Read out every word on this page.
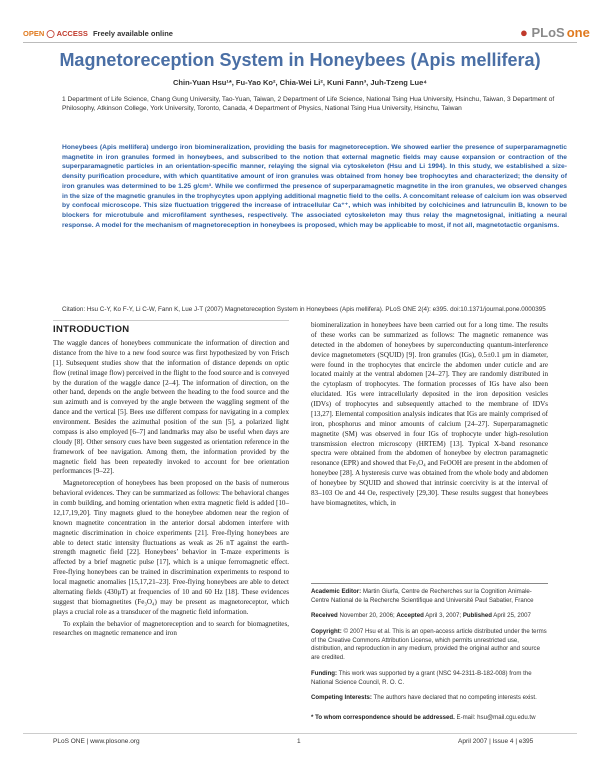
OPEN ◯ ACCESS Freely available online	● PLoS one
Magnetoreception System in Honeybees (Apis mellifera)
Chin-Yuan Hsu¹*, Fu-Yao Ko², Chia-Wei Li², Kuni Fann³, Juh-Tzeng Lue⁴
1 Department of Life Science, Chang Gung University, Tao-Yuan, Taiwan, 2 Department of Life Science, National Tsing Hua University, Hsinchu, Taiwan, 3 Department of Philosophy, Atkinson College, York University, Toronto, Canada, 4 Department of Physics, National Tsing Hua University, Hsinchu, Taiwan
Honeybees (Apis mellifera) undergo iron biomineralization, providing the basis for magnetoreception. We showed earlier the presence of superparamagnetic magnetite in iron granules formed in honeybees, and subscribed to the notion that external magnetic fields may cause expansion or contraction of the superparamagnetic particles in an orientation-specific manner, relaying the signal via cytoskeleton (Hsu and Li 1994). In this study, we established a size-density purification procedure, with which quantitative amount of iron granules was obtained from honey bee trophocytes and characterized; the density of iron granules was determined to be 1.25 g/cm³. While we confirmed the presence of superparamagnetic magnetite in the iron granules, we observed changes in the size of the magnetic granules in the trophycytes upon applying additional magnetic field to the cells. A concomitant release of calcium ion was observed by confocal microscope. This size fluctuation triggered the increase of intracellular Ca⁺⁺, which was inhibited by colchicines and latrunculin B, known to be blockers for microtubule and microfilament syntheses, respectively. The associated cytoskeleton may thus relay the magnetosignal, initiating a neural response. A model for the mechanism of magnetoreception in honeybees is proposed, which may be applicable to most, if not all, magnetotactic organisms.
Citation: Hsu C-Y, Ko F-Y, Li C-W, Fann K, Lue J-T (2007) Magnetoreception System in Honeybees (Apis mellifera). PLoS ONE 2(4): e395. doi:10.1371/journal.pone.0000395
INTRODUCTION

The waggle dances of honeybees communicate the information of direction and distance from the hive to a new food source was first hypothesized by von Frisch [1]. Subsequent studies show that the information of distance depends on optic flow (retinal image flow) perceived in the flight to the food source and is conveyed by the duration of the waggle dance [2–4]. The information of direction, on the other hand, depends on the angle between the heading to the food source and the sun azimuth and is conveyed by the angle between the waggling segment of the dance and the vertical [5]. Bees use different compass for navigating in a complex environment. Besides the azimuthal position of the sun [5], a polarized light compass is also employed [6–7] and landmarks may also be useful when days are cloudy [8]. Other sensory cues have been suggested as orientation reference in the framework of bee navigation. Among them, the information provided by the magnetic field has been repeatedly invoked to account for bee orientation performances [9–22].

Magnetoreception of honeybees has been proposed on the basis of numerous behavioral evidences. They can be summarized as follows: The behavioral changes in comb building, and homing orientation when extra magnetic field is added [10–12,17,19,20]. Tiny magnets glued to the honeybee abdomen near the region of known magnetite concentration in the anterior dorsal abdomen interfere with magnetic discrimination in choice experiments [21]. Free-flying honeybees are able to detect static intensity fluctuations as weak as 26 nT against the earth-strength magnetic field [22]. Honeybees’ behavior in T-maze experiments is affected by a brief magnetic pulse [17], which is a unique ferromagnetic effect. Free-flying honeybees can be trained in discrimination experiments to respond to local magnetic anomalies [15,17,21–23]. Free-flying honeybees are able to detect alternating fields (430μT) at frequencies of 10 and 60 Hz [18]. These evidences suggest that biomagnetites (Fe₃O₄) may be present as magnetoreceptor, which plays a crucial role as a transducer of the magnetic field information.

To explain the behavior of magnetoreception and to search for biomagnetites, researches on magnetic remanence and iron

biomineralization in honeybees have been carried out for a long time. The results of these works can be summarized as follows: The magnetic remanence was detected in the abdomen of honeybees by superconducting quantum-interference device magnetometers (SQUID) [9]. Iron granules (IGs), 0.5±0.1 μm in diameter, were found in the trophocytes that encircle the abdomen under cuticle and are located mainly at the ventral abdomen [24–27]. They are randomly distributed in the cytoplasm of trophocytes. The formation processes of IGs have also been elucidated. IGs were intracellularly deposited in the iron deposition vesicles (IDVs) of trophocytes and subsequently attached to the membrane of IDVs [13,27]. Elemental composition analysis indicates that IGs are mainly comprised of iron, phosphorus and minor amounts of calcium [24–27]. Superparamagnetic magnetite (SM) was observed in four IGs of trophocyte under high-resolution transmission electron microscopy (HRTEM) [13]. Typical X-band resonance spectra were obtained from the abdomen of honeybee by electron paramagnetic resonance (EPR) and showed that Fe₃O₄ and FeOOH are present in the abdomen of honeybee [28]. A hysteresis curve was obtained from the whole body and abdomen of honeybee by SQUID and showed that intrinsic coercivity is at the interval of 83–103 Oe and 44 Oe, respectively [29,30]. These results suggest that honeybees have biomagnetites, which, in

Academic Editor: Martin Giurfa, Centre de Recherches sur la Cognition Animale-Centre National de la Recherche Scientifique and Université Paul Sabatier, France
Received November 20, 2006; Accepted April 3, 2007; Published April 25, 2007
Copyright: © 2007 Hsu et al. This is an open-access article distributed under the terms of the Creative Commons Attribution License, which permits unrestricted use, distribution, and reproduction in any medium, provided the original author and source are credited.
Funding: This work was supported by a grant (NSC 94-2311-B-182-008) from the National Science Council, R. O. C.
Competing Interests: The authors have declared that no competing interests exist.
* To whom correspondence should be addressed. E-mail: hsu@mail.cgu.edu.tw
PLoS ONE | www.plosone.org	1	April 2007 | Issue 4 | e395
